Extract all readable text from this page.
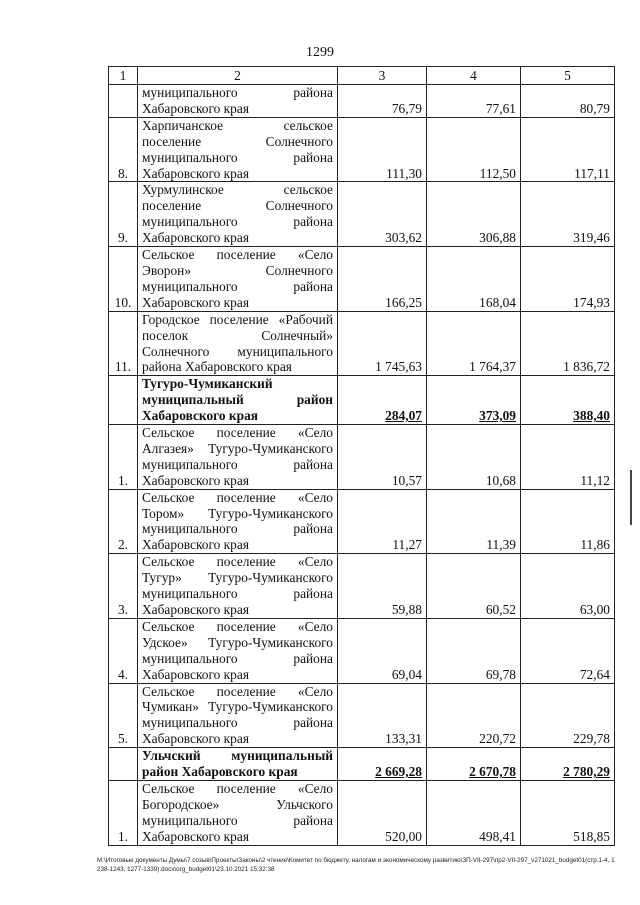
1299
1	2	3	4	5
	муниципального района Хабаровского края	76,79	77,61	80,79
8.	Харпичанское сельское поселение Солнечного муниципального района Хабаровского края	111,30	112,50	117,11
9.	Хурмулинское сельское поселение Солнечного муниципального района Хабаровского края	303,62	306,88	319,46
10.	Сельское поселение «Село Эворон» Солнечного муниципального района Хабаровского края	166,25	168,04	174,93
11.	Городское поселение «Рабочий поселок Солнечный» Солнечного муниципального района Хабаровского края	1 745,63	1 764,37	1 836,72
	Тугуро-Чумиканский муниципальный район Хабаровского края	284,07	373,09	388,40
1.	Сельское поселение «Село Алгазея» Тугуро-Чумиканского муниципального района Хабаровского края	10,57	10,68	11,12
2.	Сельское поселение «Село Тором» Тугуро-Чумиканского муниципального района Хабаровского края	11,27	11,39	11,86
3.	Сельское поселение «Село Тугур» Тугуро-Чумиканского муниципального района Хабаровского края	59,88	60,52	63,00
4.	Сельское поселение «Село Удское» Тугуро-Чумиканского муниципального района Хабаровского края	69,04	69,78	72,64
5.	Сельское поселение «Село Чумикан» Тугуро-Чумиканского муниципального района Хабаровского края	133,31	220,72	229,78
	Ульчский муниципальный район Хабаровского края	2 669,28	2 670,78	2 780,29
1.	Сельское поселение «Село Богородское» Ульчского муниципального района Хабаровского края	520,00	498,41	518,85
M:\Итоговые документы Думы\7 созыв\Проекты\Законы\2 чтение\Комитет по бюджету, налогам и экономическому развитию\ЗП-VII-297\пр2-VII-297_v271021_budget01(стр.1-4, 1238-1243, 1277-1339).docx\org_budget01\23.10.2021 15:32:38
